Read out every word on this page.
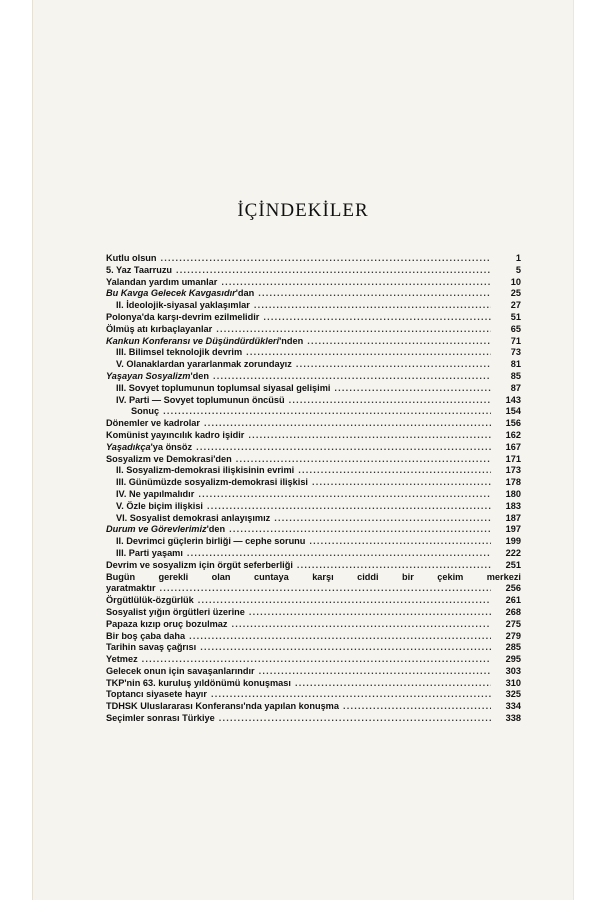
İÇİNDEKİLER
Kutlu olsun .....	1
5. Yaz Taarruzu .....	5
Yalandan yardım umanlar .....	10
Bu Kavga Gelecek Kavgasıdır'dan .....	25
II. İdeolojik-siyasal yaklaşımlar .....	27
Polonya'da karşı-devrim ezilmelidir .....	51
Ölmüş atı kırbaçlayanlar .....	65
Kankun Konferansı ve Düşündürdükleri'nden .....	71
III. Bilimsel teknolojik devrim .....	73
V. Olanaklardan yararlanmak zorundayız .....	81
Yaşayan Sosyalizm'den .....	85
III. Sovyet toplumunun toplumsal siyasal gelişimi .....	87
IV. Parti — Sovyet toplumunun öncüsü .....	143
Sonuç .....	154
Dönemler ve kadrolar .....	156
Komünist yayıncılık kadro işidir .....	162
Yaşadıkça'ya önsöz .....	167
Sosyalizm ve Demokrasi'den .....	171
II. Sosyalizm-demokrasi ilişkisinin evrimi .....	173
III. Günümüzde sosyalizm-demokrasi ilişkisi .....	178
IV. Ne yapılmalıdır .....	180
V. Özle biçim ilişkisi .....	183
VI. Sosyalist demokrasi anlayışımız .....	187
Durum ve Görevlerimiz'den .....	197
II. Devrimci güçlerin birliği — cephe sorunu .....	199
III. Parti yaşamı .....	222
Devrim ve sosyalizm için örgüt seferberliği .....	251
Bugün gerekli olan cuntaya karşı ciddi bir çekim merkezi
yaratmaktır .....	256
Örgütlülük-özgürlük .....	261
Sosyalist yığın örgütleri üzerine .....	268
Papaza kızıp oruç bozulmaz .....	275
Bir boş çaba daha .....	279
Tarihin savaş çağrısı .....	285
Yetmez .....	295
Gelecek onun için savaşanlarındır .....	303
TKP'nin 63. kuruluş yıldönümü konuşması .....	310
Toptancı siyasete hayır .....	325
TDHSK Uluslararası Konferansı'nda yapılan konuşma .....	334
Seçimler sonrası Türkiye .....	338
